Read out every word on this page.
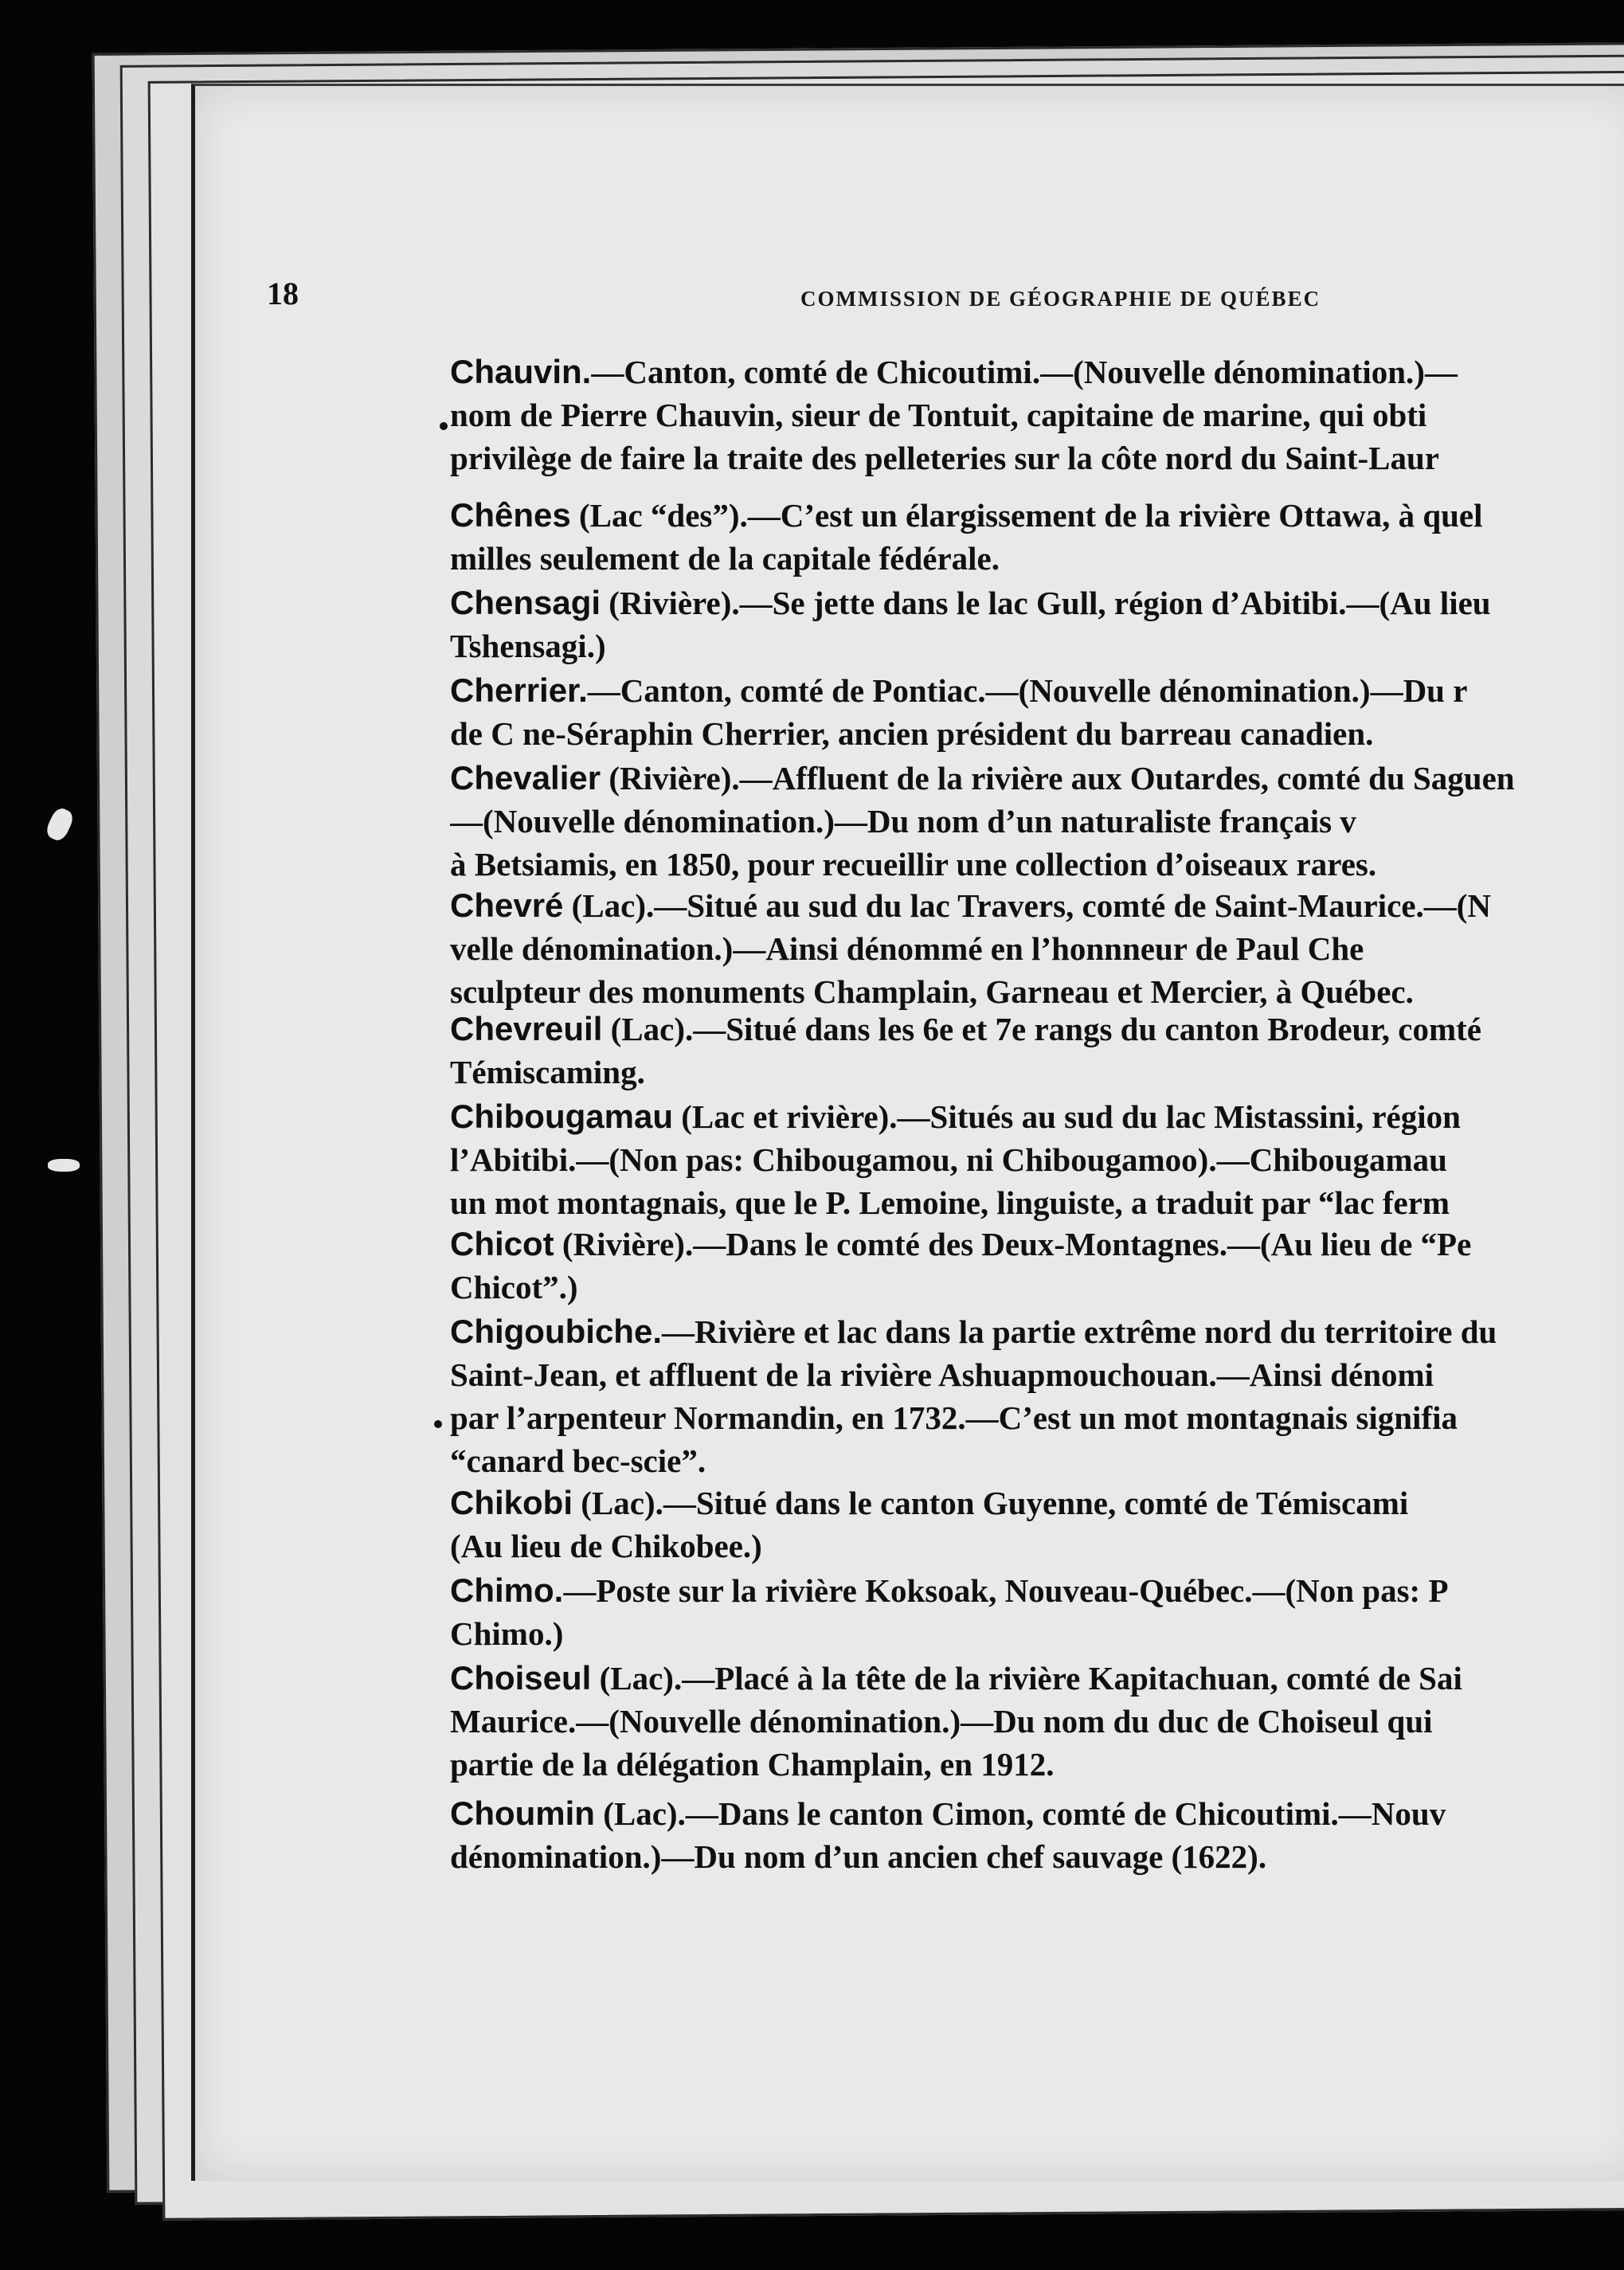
18	COMMISSION DE GÉOGRAPHIE DE QUÉBEC
Chauvin.—Canton, comté de Chicoutimi.—(Nouvelle dénomination.)—
nom de Pierre Chauvin, sieur de Tontuit, capitaine de marine, qui obti
privilège de faire la traite des pelleteries sur la côte nord du Saint-Laur
Chênes (Lac “des”).—C’est un élargissement de la rivière Ottawa, à quel
milles seulement de la capitale fédérale.
Chensagi (Rivière).—Se jette dans le lac Gull, région d’Abitibi.—(Au lieu
Tshensagi.)
Cherrier.—Canton, comté de Pontiac.—(Nouvelle dénomination.)—Du r
de C ne-Séraphin Cherrier, ancien président du barreau canadien.
Chevalier (Rivière).—Affluent de la rivière aux Outardes, comté du Saguen
—(Nouvelle dénomination.)—Du nom d’un naturaliste français v
à Betsiamis, en 1850, pour recueillir une collection d’oiseaux rares.
Chevré (Lac).—Situé au sud du lac Travers, comté de Saint-Maurice.—(N
velle dénomination.)—Ainsi dénommé en l’honnneur de Paul Che
sculpteur des monuments Champlain, Garneau et Mercier, à Québec.
Chevreuil (Lac).—Situé dans les 6e et 7e rangs du canton Brodeur, comté
Témiscaming.
Chibougamau (Lac et rivière).—Situés au sud du lac Mistassini, région
l’Abitibi.—(Non pas: Chibougamou, ni Chibougamoo).—Chibougamau
un mot montagnais, que le P. Lemoine, linguiste, a traduit par “lac ferm
Chicot (Rivière).—Dans le comté des Deux-Montagnes.—(Au lieu de “Pe
Chicot”.)
Chigoubiche.—Rivière et lac dans la partie extrême nord du territoire du
Saint-Jean, et affluent de la rivière Ashuapmouchouan.—Ainsi dénomi
par l’arpenteur Normandin, en 1732.—C’est un mot montagnais signifia
“canard bec-scie”.
Chikobi (Lac).—Situé dans le canton Guyenne, comté de Témiscami
(Au lieu de Chikobee.)
Chimo.—Poste sur la rivière Koksoak, Nouveau-Québec.—(Non pas: P
Chimo.)
Choiseul (Lac).—Placé à la tête de la rivière Kapitachuan, comté de Sai
Maurice.—(Nouvelle dénomination.)—Du nom du duc de Choiseul qui
partie de la délégation Champlain, en 1912.
Choumin (Lac).—Dans le canton Cimon, comté de Chicoutimi.—Nouv
dénomination.)—Du nom d’un ancien chef sauvage (1622).
